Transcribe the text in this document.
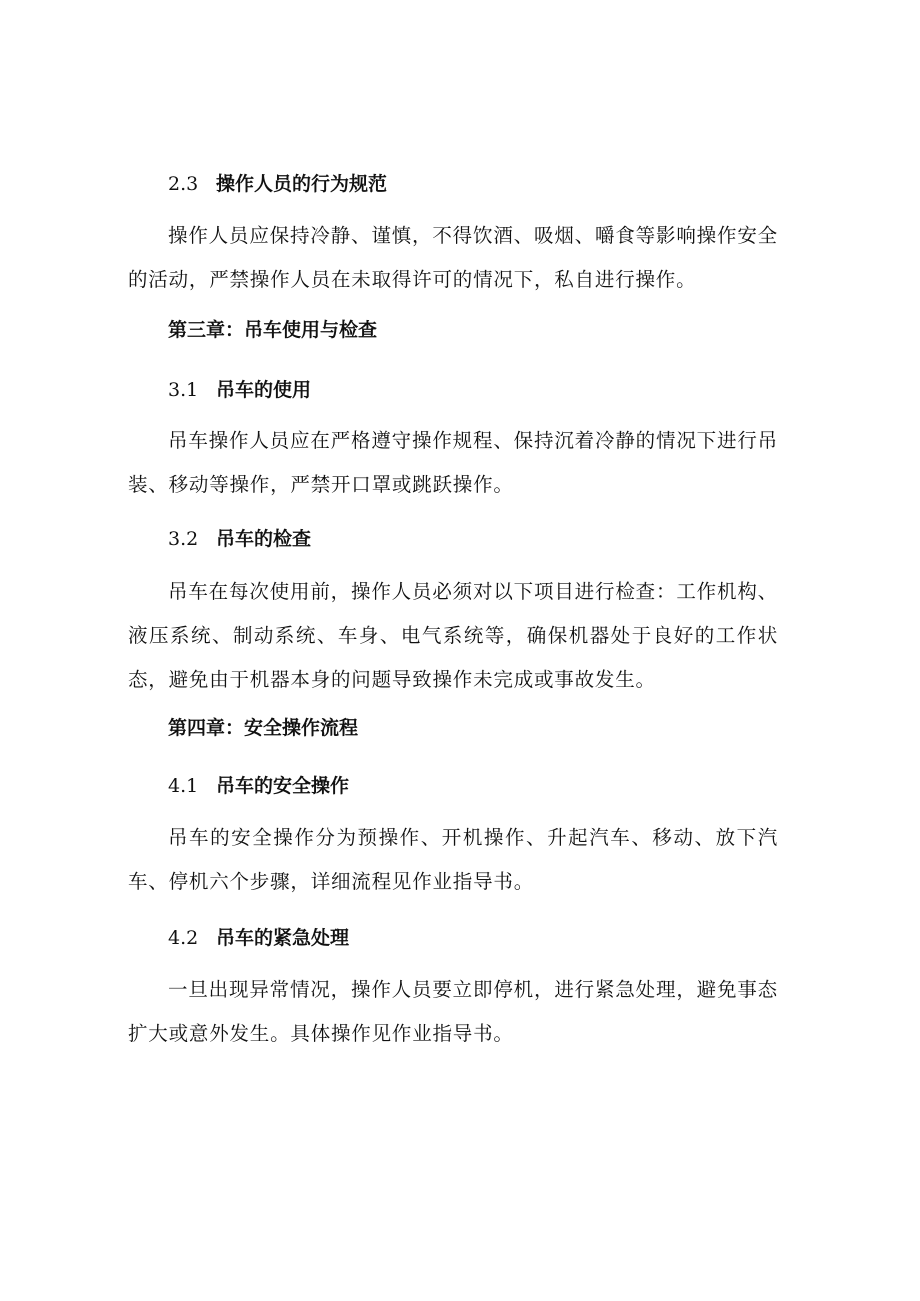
2.3 操作人员的行为规范

操作人员应保持冷静、谨慎，不得饮酒、吸烟、嚼食等影响操作安全的活动，严禁操作人员在未取得许可的情况下，私自进行操作。

第三章：吊车使用与检查
3.1 吊车的使用

吊车操作人员应在严格遵守操作规程、保持沉着冷静的情况下进行吊装、移动等操作，严禁开口罩或跳跃操作。

3.2 吊车的检查

吊车在每次使用前，操作人员必须对以下项目进行检查：工作机构、液压系统、制动系统、车身、电气系统等，确保机器处于良好的工作状态，避免由于机器本身的问题导致操作未完成或事故发生。

第四章：安全操作流程
4.1 吊车的安全操作

吊车的安全操作分为预操作、开机操作、升起汽车、移动、放下汽车、停机六个步骤，详细流程见作业指导书。

4.2 吊车的紧急处理

一旦出现异常情况，操作人员要立即停机，进行紧急处理，避免事态扩大或意外发生。具体操作见作业指导书。
